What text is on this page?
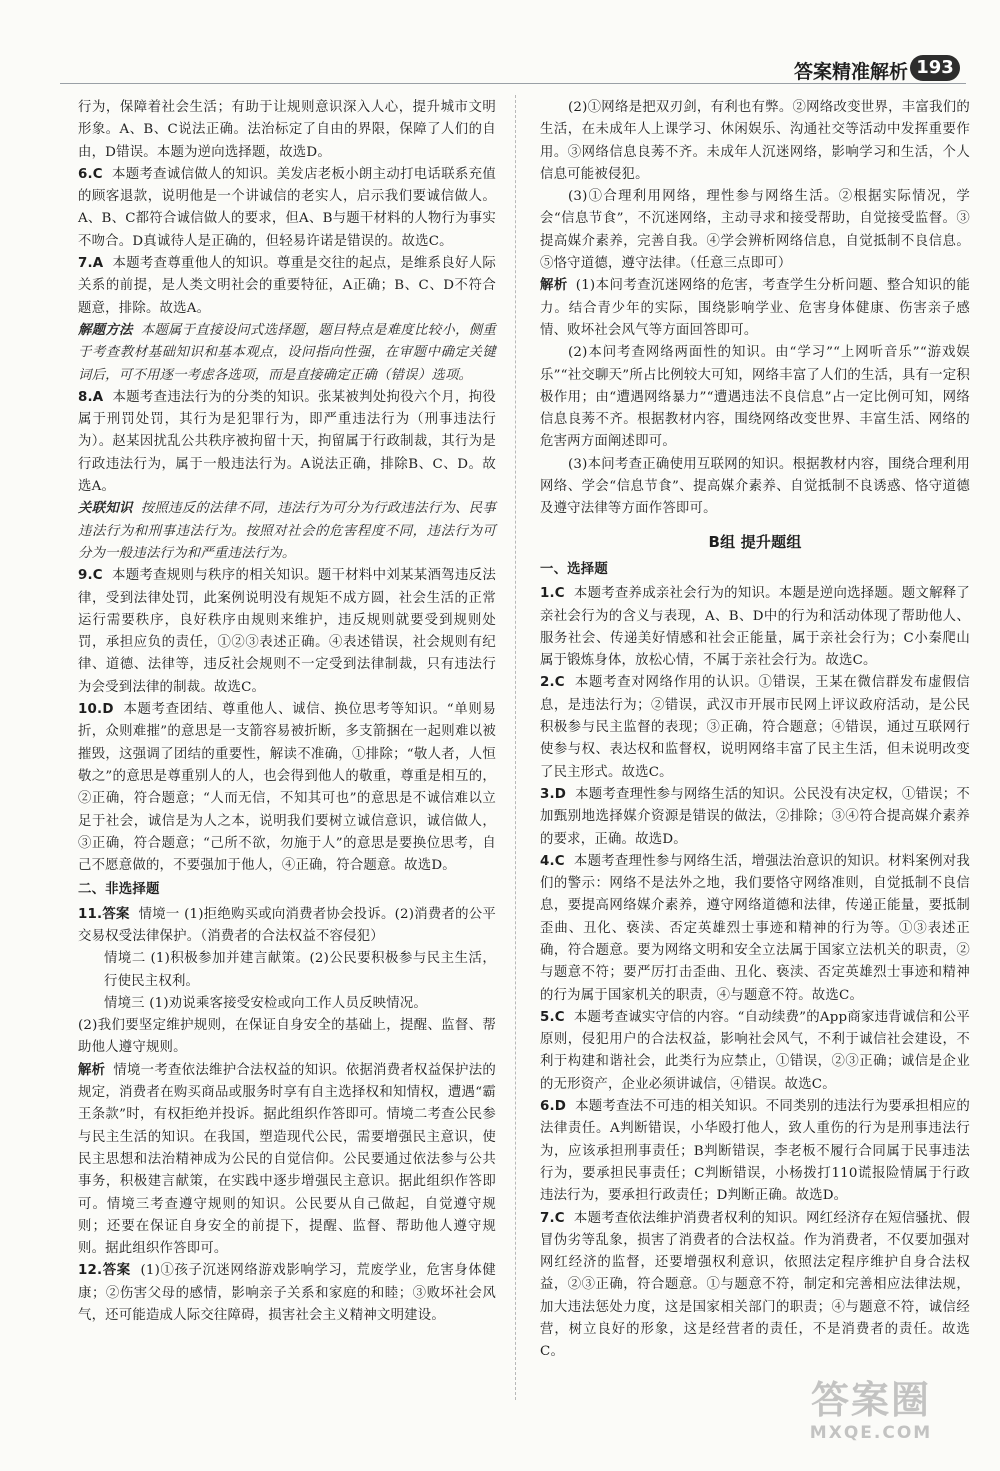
答案精准解析 193

行为，保障着社会生活；有助于让规则意识深入人心，提升城市文明形象。A、B、C说法正确。法治标定了自由的界限，保障了人们的自由，D错误。本题为逆向选择题，故选D。

6.C 本题考查诚信做人的知识。美发店老板小朗主动打电话联系充值的顾客退款，说明他是一个讲诚信的老实人，启示我们要诚信做人。A、B、C都符合诚信做人的要求，但A、B与题干材料的人物行为事实不吻合。D真诚待人是正确的，但轻易许诺是错误的。故选C。

7.A 本题考查尊重他人的知识。尊重是交往的起点，是维系良好人际关系的前提，是人类文明社会的重要特征，A正确；B、C、D不符合题意，排除。故选A。

解题方法 本题属于直接设问式选择题，题目特点是难度比较小，侧重于考查教材基础知识和基本观点，设问指向性强，在审题中确定关键词后，可不用逐一考虑各选项，而是直接确定正确（错误）选项。

8.A 本题考查违法行为的分类的知识。张某被判处拘役六个月，拘役属于刑罚处罚，其行为是犯罪行为，即严重违法行为（刑事违法行为）。赵某因扰乱公共秩序被拘留十天，拘留属于行政制裁，其行为是行政违法行为，属于一般违法行为。A说法正确，排除B、C、D。故选A。

关联知识 按照违反的法律不同，违法行为可分为行政违法行为、民事违法行为和刑事违法行为。按照对社会的危害程度不同，违法行为可分为一般违法行为和严重违法行为。

9.C 本题考查规则与秩序的相关知识。题干材料中刘某某酒驾违反法律，受到法律处罚，此案例说明没有规矩不成方圆，社会生活的正常运行需要秩序，良好秩序由规则来维护，违反规则就要受到规则处罚，承担应负的责任，①②③表述正确。④表述错误，社会规则有纪律、道德、法律等，违反社会规则不一定受到法律制裁，只有违法行为会受到法律的制裁。故选C。

10.D 本题考查团结、尊重他人、诚信、换位思考等知识。“单则易折，众则难摧”的意思是一支箭容易被折断，多支箭捆在一起则难以被摧毁，这强调了团结的重要性，解读不准确，①排除；“敬人者，人恒敬之”的意思是尊重别人的人，也会得到他人的敬重，尊重是相互的，②正确，符合题意；“人而无信，不知其可也”的意思是不诚信难以立足于社会，诚信是为人之本，说明我们要树立诚信意识，诚信做人，③正确，符合题意；“己所不欲，勿施于人”的意思是要换位思考，自己不愿意做的，不要强加于他人，④正确，符合题意。故选D。

二、非选择题

11.答案 情境一 (1)拒绝购买或向消费者协会投诉。(2)消费者的公平交易权受法律保护。（消费者的合法权益不容侵犯）

情境二 (1)积极参加并建言献策。(2)公民要积极参与民主生活，行使民主权利。

情境三 (1)劝说乘客接受安检或向工作人员反映情况。

(2)我们要坚定维护规则，在保证自身安全的基础上，提醒、监督、帮助他人遵守规则。

解析 情境一考查依法维护合法权益的知识。依据消费者权益保护法的规定，消费者在购买商品或服务时享有自主选择权和知情权，遭遇“霸王条款”时，有权拒绝并投诉。据此组织作答即可。情境二考查公民参与民主生活的知识。在我国，塑造现代公民，需要增强民主意识，使民主思想和法治精神成为公民的自觉信仰。公民要通过依法参与公共事务，积极建言献策，在实践中逐步增强民主意识。据此组织作答即可。情境三考查遵守规则的知识。公民要从自己做起，自觉遵守规则；还要在保证自身安全的前提下，提醒、监督、帮助他人遵守规则。据此组织作答即可。

12.答案 (1)①孩子沉迷网络游戏影响学习，荒废学业，危害身体健康；②伤害父母的感情，影响亲子关系和家庭的和睦；③败坏社会风气，还可能造成人际交往障碍，损害社会主义精神文明建设。

(2)①网络是把双刃剑，有利也有弊。②网络改变世界，丰富我们的生活，在未成年人上课学习、休闲娱乐、沟通社交等活动中发挥重要作用。③网络信息良莠不齐。未成年人沉迷网络，影响学习和生活，个人信息可能被侵犯。

(3)①合理利用网络，理性参与网络生活。②根据实际情况，学会“信息节食”，不沉迷网络，主动寻求和接受帮助，自觉接受监督。③提高媒介素养，完善自我。④学会辨析网络信息，自觉抵制不良信息。⑤恪守道德，遵守法律。（任意三点即可）

解析 (1)本问考查沉迷网络的危害，考查学生分析问题、整合知识的能力。结合青少年的实际，围绕影响学业、危害身体健康、伤害亲子感情、败坏社会风气等方面回答即可。

(2)本问考查网络两面性的知识。由“学习”“上网听音乐”“游戏娱乐”“社交聊天”所占比例较大可知，网络丰富了人们的生活，具有一定积极作用；由“遭遇网络暴力”“遭遇违法不良信息”占一定比例可知，网络信息良莠不齐。根据教材内容，围绕网络改变世界、丰富生活、网络的危害两方面阐述即可。

(3)本问考查正确使用互联网的知识。根据教材内容，围绕合理利用网络、学会“信息节食”、提高媒介素养、自觉抵制不良诱惑、恪守道德及遵守法律等方面作答即可。

B组 提升题组

一、选择题

1.C 本题考查养成亲社会行为的知识。本题是逆向选择题。题文解释了亲社会行为的含义与表现，A、B、D中的行为和活动体现了帮助他人、服务社会、传递美好情感和社会正能量，属于亲社会行为；C小秦爬山属于锻炼身体，放松心情，不属于亲社会行为。故选C。

2.C 本题考查对网络作用的认识。①错误，王某在微信群发布虚假信息，是违法行为；②错误，武汉市开展市民网上评议政府活动，是公民积极参与民主监督的表现；③正确，符合题意；④错误，通过互联网行使参与权、表达权和监督权，说明网络丰富了民主生活，但未说明改变了民主形式。故选C。

3.D 本题考查理性参与网络生活的知识。公民没有决定权，①错误；不加甄别地选择媒介资源是错误的做法，②排除；③④符合提高媒介素养的要求，正确。故选D。

4.C 本题考查理性参与网络生活，增强法治意识的知识。材料案例对我们的警示：网络不是法外之地，我们要恪守网络准则，自觉抵制不良信息，要提高网络媒介素养，遵守网络道德和法律，传递正能量，要抵制歪曲、丑化、亵渎、否定英雄烈士事迹和精神的行为等。①③表述正确，符合题意。要为网络文明和安全立法属于国家立法机关的职责，②与题意不符；要严厉打击歪曲、丑化、亵渎、否定英雄烈士事迹和精神的行为属于国家机关的职责，④与题意不符。故选C。

5.C 本题考查诚实守信的内容。“自动续费”的App商家违背诚信和公平原则，侵犯用户的合法权益，影响社会风气，不利于诚信社会建设，不利于构建和谐社会，此类行为应禁止，①错误，②③正确；诚信是企业的无形资产，企业必须讲诚信，④错误。故选C。

6.D 本题考查法不可违的相关知识。不同类别的违法行为要承担相应的法律责任。A判断错误，小华殴打他人，致人重伤的行为是刑事违法行为，应该承担刑事责任；B判断错误，李老板不履行合同属于民事违法行为，要承担民事责任；C判断错误，小杨拨打110谎报险情属于行政违法行为，要承担行政责任；D判断正确。故选D。

7.C 本题考查依法维护消费者权利的知识。网红经济存在短信骚扰、假冒伪劣等乱象，损害了消费者的合法权益。作为消费者，不仅要加强对网红经济的监督，还要增强权利意识，依照法定程序维护自身合法权益，②③正确，符合题意。①与题意不符，制定和完善相应法律法规，加大违法惩处力度，这是国家相关部门的职责；④与题意不符，诚信经营，树立良好的形象，这是经营者的责任，不是消费者的责任。故选C。

答案圈
MXQE.COM
